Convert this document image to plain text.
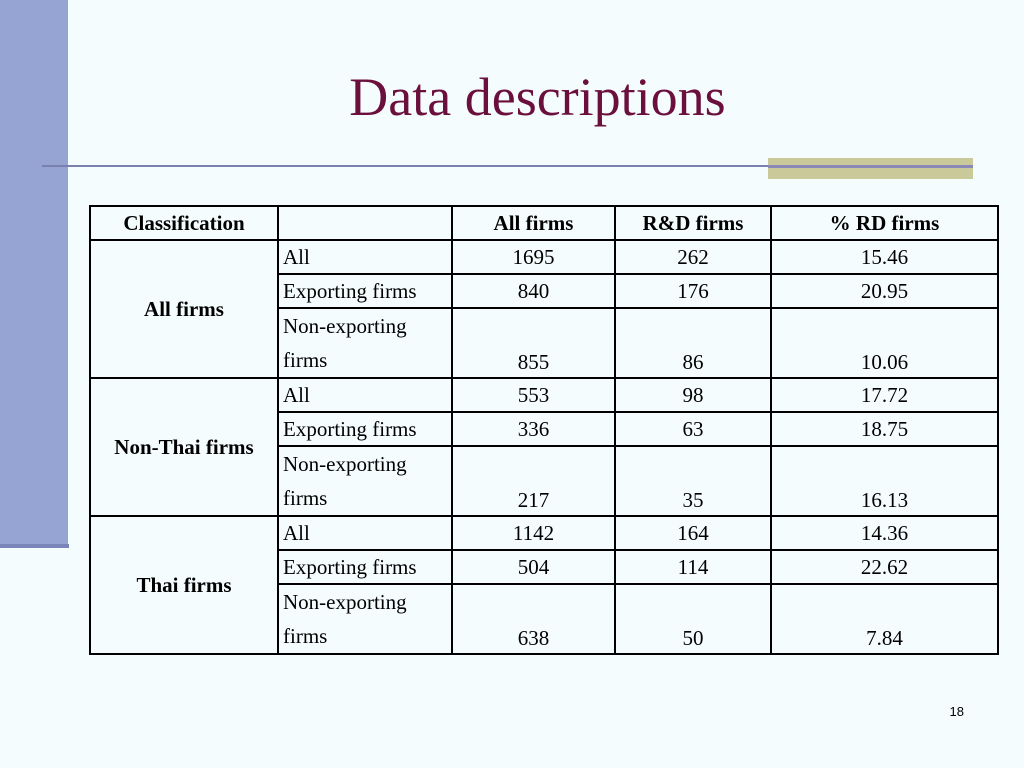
Data descriptions
Classification		All firms	R&D firms	% RD firms
All firms	All	1695	262	15.46
	Exporting firms	840	176	20.95
	Non-exporting firms	855	86	10.06
Non-Thai firms	All	553	98	17.72
	Exporting firms	336	63	18.75
	Non-exporting firms	217	35	16.13
Thai firms	All	1142	164	14.36
	Exporting firms	504	114	22.62
	Non-exporting firms	638	50	7.84
18
